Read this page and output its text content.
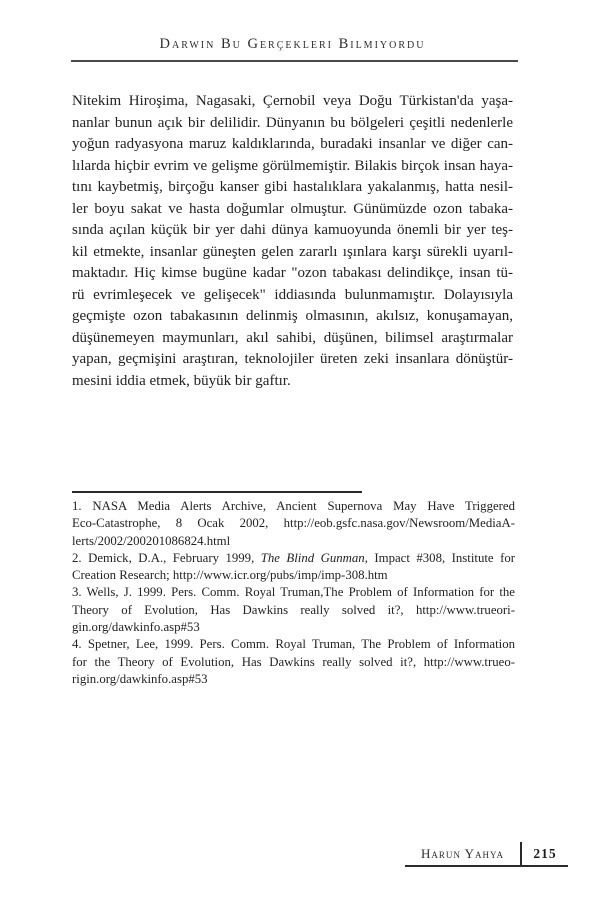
Darwin Bu Gerçekleri Bilmiyordu
Nitekim Hiroşima, Nagasaki, Çernobil veya Doğu Türkistan'da yaşa-
nanlar bunun açık bir delilidir. Dünyanın bu bölgeleri çeşitli nedenlerle
yoğun radyasyona maruz kaldıklarında, buradaki insanlar ve diğer can-
lılarda hiçbir evrim ve gelişme görülmemiştir. Bilakis birçok insan haya-
tını kaybetmiş, birçoğu kanser gibi hastalıklara yakalanmış, hatta nesil-
ler boyu sakat ve hasta doğumlar olmuştur. Günümüzde ozon tabaka-
sında açılan küçük bir yer dahi dünya kamuoyunda önemli bir yer teş-
kil etmekte, insanlar güneşten gelen zararlı ışınlara karşı sürekli uyarıl-
maktadır. Hiç kimse bugüne kadar "ozon tabakası delindikçe, insan tü-
rü evrimleşecek ve gelişecek" iddiasında bulunmamıştır. Dolayısıyla
geçmişte ozon tabakasının delinmiş olmasının, akılsız, konuşamayan,
düşünemeyen maymunları, akıl sahibi, düşünen, bilimsel araştırmalar
yapan, geçmişini araştıran, teknolojiler üreten zeki insanlara dönüştür-
mesini iddia etmek, büyük bir gaftır.
1. NASA Media Alerts Archive, Ancient Supernova May Have Triggered
Eco-Catastrophe, 8 Ocak 2002, http://eob.gsfc.nasa.gov/Newsroom/MediaA-
lerts/2002/200201086824.html
2. Demick, D.A., February 1999, The Blind Gunman, Impact #308, Institute for
Creation Research; http://www.icr.org/pubs/imp/imp-308.htm
3. Wells, J. 1999. Pers. Comm. Royal Truman,The Problem of Information for the
Theory of Evolution, Has Dawkins really solved it?, http://www.trueori-
gin.org/dawkinfo.asp#53
4. Spetner, Lee, 1999. Pers. Comm. Royal Truman, The Problem of Information
for the Theory of Evolution, Has Dawkins really solved it?, http://www.trueo-
rigin.org/dawkinfo.asp#53
Harun Yahya	215
